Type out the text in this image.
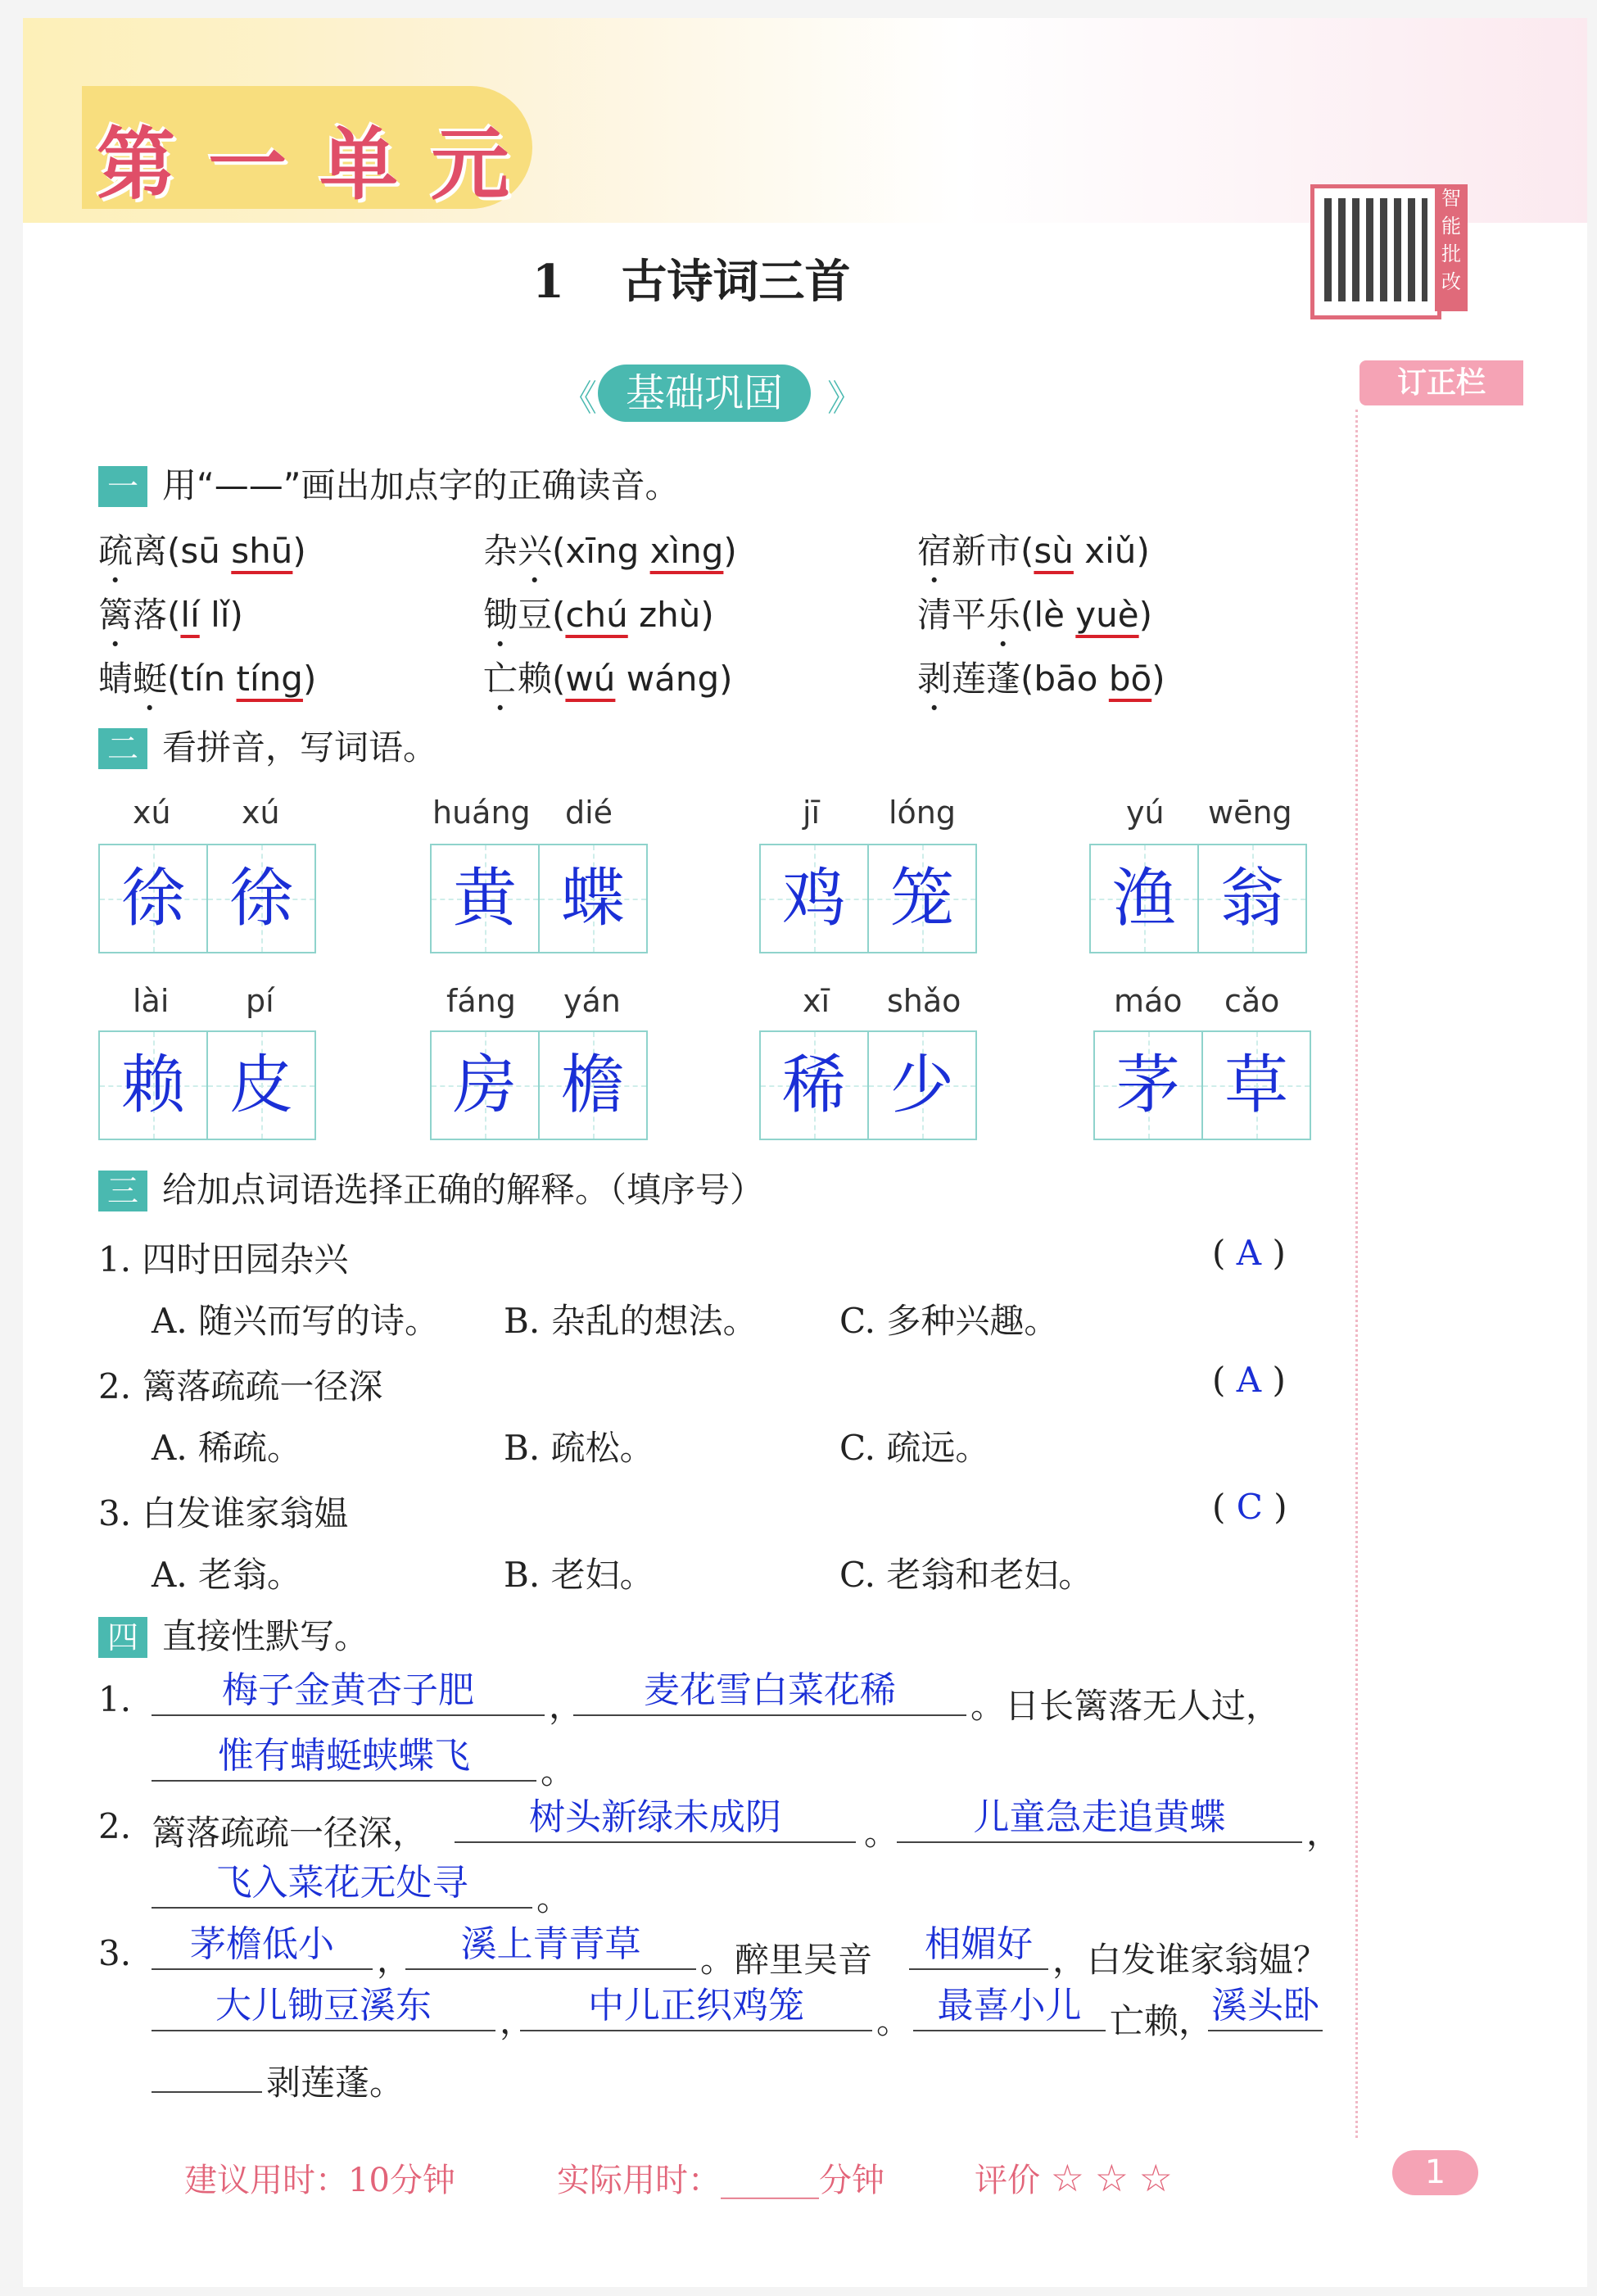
第一单元
1 古诗词三首
智
能
批
改
订正栏
《 基础巩固	》
一 用“——”画出加点字的正确读音。
疏离(sū shū)	杂兴(xīng xìng)	宿新市(sù xiǔ)
篱落(lí lǐ)	锄豆(chú zhù)	清平乐(lè yuè)
蜻蜓(tín tíng)	亡赖(wú wáng)	剥莲蓬(bāo bō)
二 看拼音，写词语。
xú xú
徐 徐
huáng dié
黄 蝶
jī lóng
鸡 笼
yú wēng
渔 翁
lài pí
赖 皮
fáng yán
房 檐
xī shǎo
稀 少
máo cǎo
茅 草
三 给加点词语选择正确的解释。（填序号）
1. 四时田园杂兴	( A )
A. 随兴而写的诗。 B. 杂乱的想法。 C. 多种兴趣。
2. 篱落疏疏一径深	( A )
A. 稀疏。	B. 疏松。	C. 疏远。
3. 白发谁家翁媪	( C )
A. 老翁。	B. 老妇。	C. 老翁和老妇。
四 直接性默写。
1.	梅子金黄杏子肥	，	麦花雪白菜花稀	。日长篱落无人过，
惟有蜻蜓蛱蝶飞	。
2. 篱落疏疏一径深，	树头新绿未成阴	。	儿童急走追黄蝶	，
飞入菜花无处寻	。
3.	茅檐低小	，	溪上青青草	。醉里吴音	相媚好 ，白发谁家翁媪？
大儿锄豆溪东	，	中儿正织鸡笼	。 最喜小儿 亡赖，
溪头卧
剥莲蓬。
建议用时：10分钟	实际用时：______分钟	评价 ☆ ☆ ☆	1
